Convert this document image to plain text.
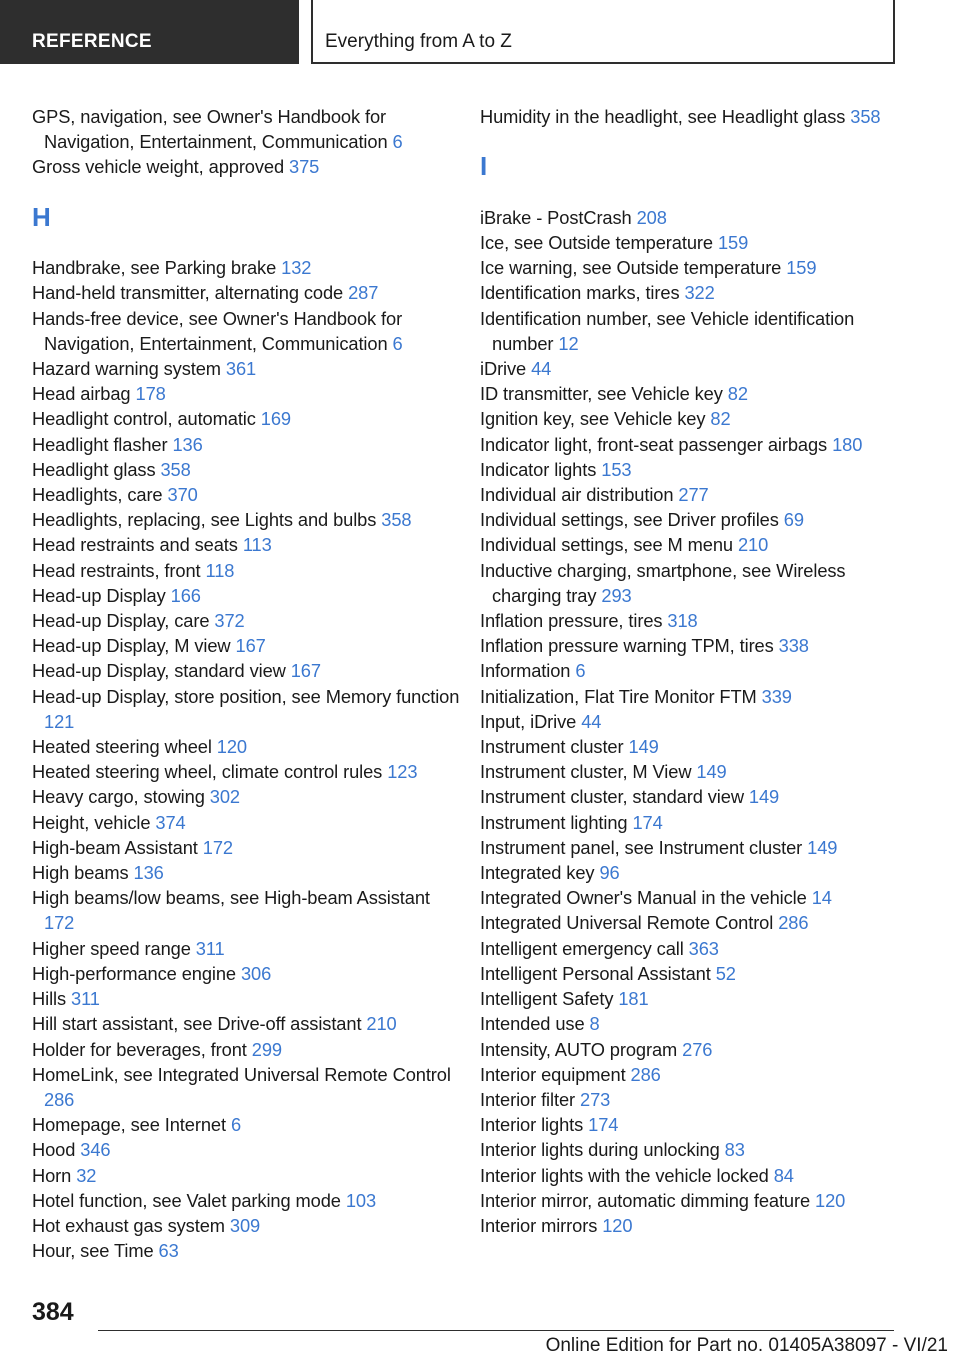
REFERENCE	Everything from A to Z

GPS, navigation, see Owner's Handbook for Navigation, Entertainment, Communication 6

Gross vehicle weight, approved 375

H

Handbrake, see Parking brake 132

Hand-held transmitter, alternating code 287

Hands-free device, see Owner's Handbook for Navigation, Entertainment, Communication 6

Hazard warning system 361

Head airbag 178

Headlight control, automatic 169

Headlight flasher 136

Headlight glass 358

Headlights, care 370

Headlights, replacing, see Lights and bulbs 358

Head restraints and seats 113

Head restraints, front 118

Head-up Display 166

Head-up Display, care 372

Head-up Display, M view 167

Head-up Display, standard view 167

Head-up Display, store position, see Memory function 121

Heated steering wheel 120

Heated steering wheel, climate control rules 123

Heavy cargo, stowing 302

Height, vehicle 374

High-beam Assistant 172

High beams 136

High beams/low beams, see High-beam Assistant 172

Higher speed range 311

High-performance engine 306

Hills 311

Hill start assistant, see Drive-off assistant 210

Holder for beverages, front 299

HomeLink, see Integrated Universal Remote Control 286

Homepage, see Internet 6

Hood 346

Horn 32

Hotel function, see Valet parking mode 103

Hot exhaust gas system 309

Hour, see Time 63

Humidity in the headlight, see Headlight glass 358

I

iBrake - PostCrash 208

Ice, see Outside temperature 159

Ice warning, see Outside temperature 159

Identification marks, tires 322

Identification number, see Vehicle identification number 12

iDrive 44

ID transmitter, see Vehicle key 82

Ignition key, see Vehicle key 82

Indicator light, front-seat passenger airbags 180

Indicator lights 153

Individual air distribution 277

Individual settings, see Driver profiles 69

Individual settings, see M menu 210

Inductive charging, smartphone, see Wireless charging tray 293

Inflation pressure, tires 318

Inflation pressure warning TPM, tires 338

Information 6

Initialization, Flat Tire Monitor FTM 339

Input, iDrive 44

Instrument cluster 149

Instrument cluster, M View 149

Instrument cluster, standard view 149

Instrument lighting 174

Instrument panel, see Instrument cluster 149

Integrated key 96

Integrated Owner's Manual in the vehicle 14

Integrated Universal Remote Control 286

Intelligent emergency call 363

Intelligent Personal Assistant 52

Intelligent Safety 181

Intended use 8

Intensity, AUTO program 276

Interior equipment 286

Interior filter 273

Interior lights 174

Interior lights during unlocking 83

Interior lights with the vehicle locked 84

Interior mirror, automatic dimming feature 120

Interior mirrors 120

384
Online Edition for Part no. 01405A38097 - VI/21
